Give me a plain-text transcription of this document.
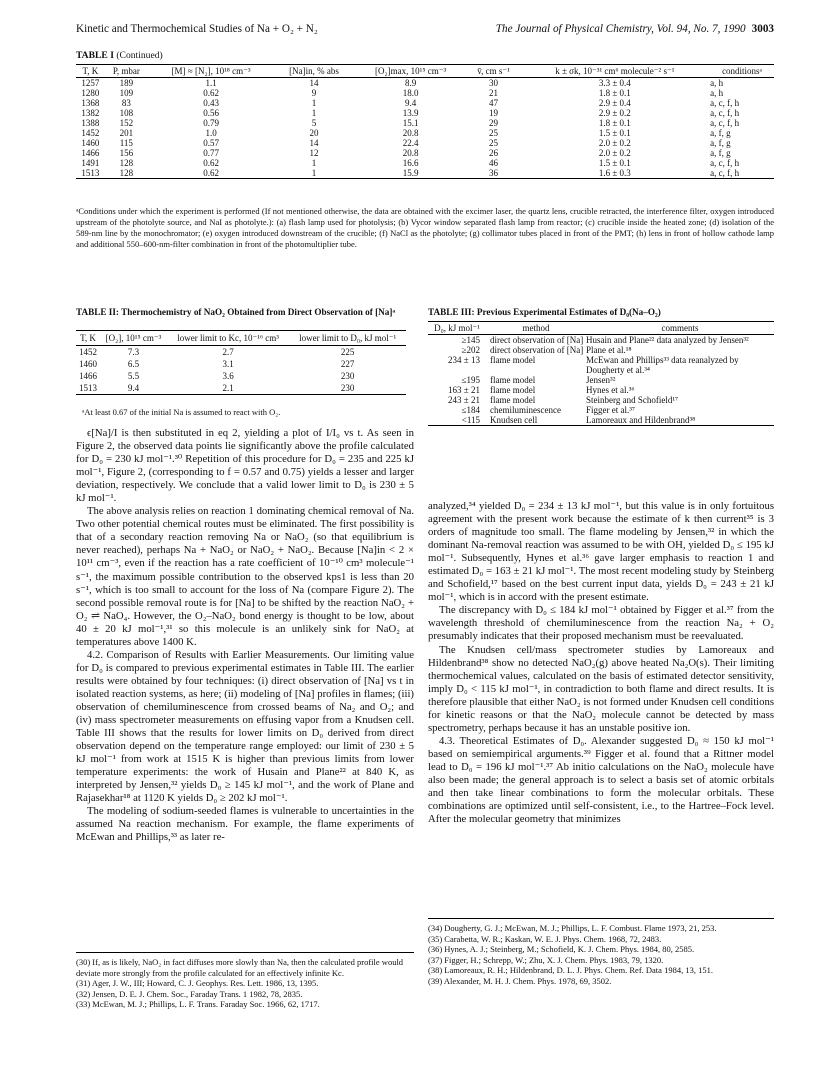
Kinetic and Thermochemical Studies of Na + O₂ + N₂	The Journal of Physical Chemistry, Vol. 94, No. 7, 1990 3003
TABLE I (Continued)
T, K	P, mbar	[M] ≈ [N₂], 10¹⁸ cm⁻³	[Na]in, % abs	[O₂]max, 10¹⁵ cm⁻³	v̄, cm s⁻¹	k ± σk, 10⁻³¹ cm⁶ molecule⁻² s⁻¹	conditionsᵃ
1257	189	1.1	14	8.9	30	3.3 ± 0.4	a, h
1280	109	0.62	9	18.0	21	1.8 ± 0.1	a, h
1368	83	0.43	1	9.4	47	2.9 ± 0.4	a, c, f, h
1382	108	0.56	1	13.9	19	2.9 ± 0.2	a, c, f, h
1388	152	0.79	5	15.1	29	1.8 ± 0.1	a, c, f, h
1452	201	1.0	20	20.8	25	1.5 ± 0.1	a, f, g
1460	115	0.57	14	22.4	25	2.0 ± 0.2	a, f, g
1466	156	0.77	12	20.8	26	2.0 ± 0.2	a, f, g
1491	128	0.62	1	16.6	46	1.5 ± 0.1	a, c, f, h
1513	128	0.62	1	15.9	36	1.6 ± 0.3	a, c, f, h
ᵃConditions under which the experiment is performed (If not mentioned otherwise, the data are obtained with the excimer laser, the quartz lens, crucible retracted, the interference filter, oxygen introduced upstream of the photolyte source, and NaI as photolyte.): (a) flash lamp used for photolysis; (b) Vycor window separated flash lamp from reactor; (c) crucible inside the heated zone; (d) isolation of the 589-nm line by the monochromator; (e) oxygen introduced downstream of the crucible; (f) NaCl as the photolyte; (g) collimator tubes placed in front of the PMT; (h) lens in front of hollow cathode lamp and additional 550–600-nm-filter combination in front of the photomultiplier tube.
TABLE II: Thermochemistry of NaO₂ Obtained from Direct Observation of [Na]ᵃ
T, K	[O₂], 10¹⁵ cm⁻³	lower limit to Kc, 10⁻¹⁶ cm³	lower limit to D₀, kJ mol⁻¹
1452	7.3	2.7	225
1460	6.5	3.1	227
1466	5.5	3.6	230
1513	9.4	2.1	230
ᵃAt least 0.67 of the initial Na is assumed to react with O₂.
TABLE III: Previous Experimental Estimates of D₀(Na–O₂)
D₀, kJ mol⁻¹	method	comments
≥145	direct observation of [Na]	Husain and Plane²² data analyzed by Jensen³²
≥202	direct observation of [Na]	Plane et al.¹⁸
234 ± 13	flame model	McEwan and Phillips³³ data reanalyzed by Dougherty et al.³⁴
≤195	flame model	Jensen³²
163 ± 21	flame model	Hynes et al.³⁶
243 ± 21	flame model	Steinberg and Schofield¹⁷
≤184	chemiluminescence	Figger et al.³⁷
<115	Knudsen cell	Lamoreaux and Hildenbrand³⁸

ϵ[Na]/I is then substituted in eq 2, yielding a plot of I/I₀ vs t. As seen in Figure 2, the observed data points lie significantly above the profile calculated for D₀ = 230 kJ mol⁻¹.³⁰ Repetition of this procedure for D₀ = 235 and 225 kJ mol⁻¹, Figure 2, (corresponding to f = 0.57 and 0.75) yields a lesser and larger deviation, respectively. We conclude that a valid lower limit to D₀ is 230 ± 5 kJ mol⁻¹.

The above analysis relies on reaction 1 dominating chemical removal of Na. Two other potential chemical routes must be eliminated. The first possibility is that of a secondary reaction removing Na or NaO₂ (so that equilibrium is never reached), perhaps Na + NaO₂ or NaO₂ + NaO₂. Because [Na]in < 2 × 10¹¹ cm⁻³, even if the reaction has a rate coefficient of 10⁻¹⁰ cm³ molecule⁻¹ s⁻¹, the maximum possible contribution to the observed kps1 is less than 20 s⁻¹, which is too small to account for the loss of Na (compare Figure 2). The second possible removal route is for [Na] to be shifted by the reaction NaO₂ + O₂ ⇌ NaO₄. However, the O₂–NaO₂ bond energy is thought to be low, about 40 ± 20 kJ mol⁻¹,³¹ so this molecule is an unlikely sink for NaO₂ at temperatures above 1400 K.

4.2. Comparison of Results with Earlier Measurements. Our limiting value for D₀ is compared to previous experimental estimates in Table III. The earlier results were obtained by four techniques: (i) direct observation of [Na] vs t in isolated reaction systems, as here; (ii) modeling of [Na] profiles in flames; (iii) observation of chemiluminescence from crossed beams of Na₂ and O₂; and (iv) mass spectrometer measurements on effusing vapor from a Knudsen cell. Table III shows that the results for lower limits on D₀ derived from direct observation depend on the temperature range employed: our limit of 230 ± 5 kJ mol⁻¹ from work at 1515 K is higher than previous limits from lower temperature experiments: the work of Husain and Plane²² at 840 K, as interpreted by Jensen,³² yields D₀ ≥ 145 kJ mol⁻¹, and the work of Plane and Rajasekhar¹⁸ at 1120 K yields D₀ ≥ 202 kJ mol⁻¹.

The modeling of sodium-seeded flames is vulnerable to uncertainties in the assumed Na reaction mechanism. For example, the flame experiments of McEwan and Phillips,³³ as later re-

analyzed,³⁴ yielded D₀ = 234 ± 13 kJ mol⁻¹, but this value is in only fortuitous agreement with the present work because the estimate of k then current³⁵ is 3 orders of magnitude too small. The flame modeling by Jensen,³² in which the dominant Na-removal reaction was assumed to be with OH, yielded D₀ ≤ 195 kJ mol⁻¹. Subsequently, Hynes et al.³⁶ gave larger emphasis to reaction 1 and estimated D₀ = 163 ± 21 kJ mol⁻¹. The most recent modeling study by Steinberg and Schofield,¹⁷ based on the best current input data, yields D₀ = 243 ± 21 kJ mol⁻¹, which is in accord with the present estimate.

The discrepancy with D₀ ≤ 184 kJ mol⁻¹ obtained by Figger et al.³⁷ from the wavelength threshold of chemiluminescence from the reaction Na₂ + O₂ presumably indicates that their proposed mechanism must be reevaluated.

The Knudsen cell/mass spectrometer studies by Lamoreaux and Hildenbrand³⁸ show no detected NaO₂(g) above heated Na₂O(s). Their limiting thermochemical values, calculated on the basis of estimated detector sensitivity, imply D₀ < 115 kJ mol⁻¹, in contradiction to both flame and direct results. It is therefore plausible that either NaO₂ is not formed under Knudsen cell conditions for kinetic reasons or that the NaO₂ molecule cannot be detected by mass spectrometry, perhaps because it has an unstable positive ion.

4.3. Theoretical Estimates of D₀. Alexander suggested D₀ ≈ 150 kJ mol⁻¹ based on semiempirical arguments.³⁹ Figger et al. found that a Rittner model lead to D₀ = 196 kJ mol⁻¹.³⁷ Ab initio calculations on the NaO₂ molecule have also been made; the general approach is to select a basis set of atomic orbitals and then take linear combinations to form the molecular orbitals. These combinations are optimized until self-consistent, i.e., to the Hartree–Fock level. After the molecular geometry that minimizes

(30) If, as is likely, NaO₂ in fact diffuses more slowly than Na, then the calculated profile would deviate more strongly from the profile calculated for an effectively infinite Kc.
(31) Ager, J. W., III; Howard, C. J. Geophys. Res. Lett. 1986, 13, 1395.
(32) Jensen, D. E. J. Chem. Soc., Faraday Trans. 1 1982, 78, 2835.
(33) McEwan, M. J.; Phillips, L. F. Trans. Faraday Soc. 1966, 62, 1717.
(34) Dougherty, G. J.; McEwan, M. J.; Phillips, L. F. Combust. Flame 1973, 21, 253.
(35) Carabetta, W. R.; Kaskan, W. E. J. Phys. Chem. 1968, 72, 2483.
(36) Hynes, A. J.; Steinberg, M.; Schofield, K. J. Chem. Phys. 1984, 80, 2585.
(37) Figger, H.; Schrepp, W.; Zhu, X. J. Chem. Phys. 1983, 79, 1320.
(38) Lamoreaux, R. H.; Hildenbrand, D. L. J. Phys. Chem. Ref. Data 1984, 13, 151.
(39) Alexander, M. H. J. Chem. Phys. 1978, 69, 3502.
